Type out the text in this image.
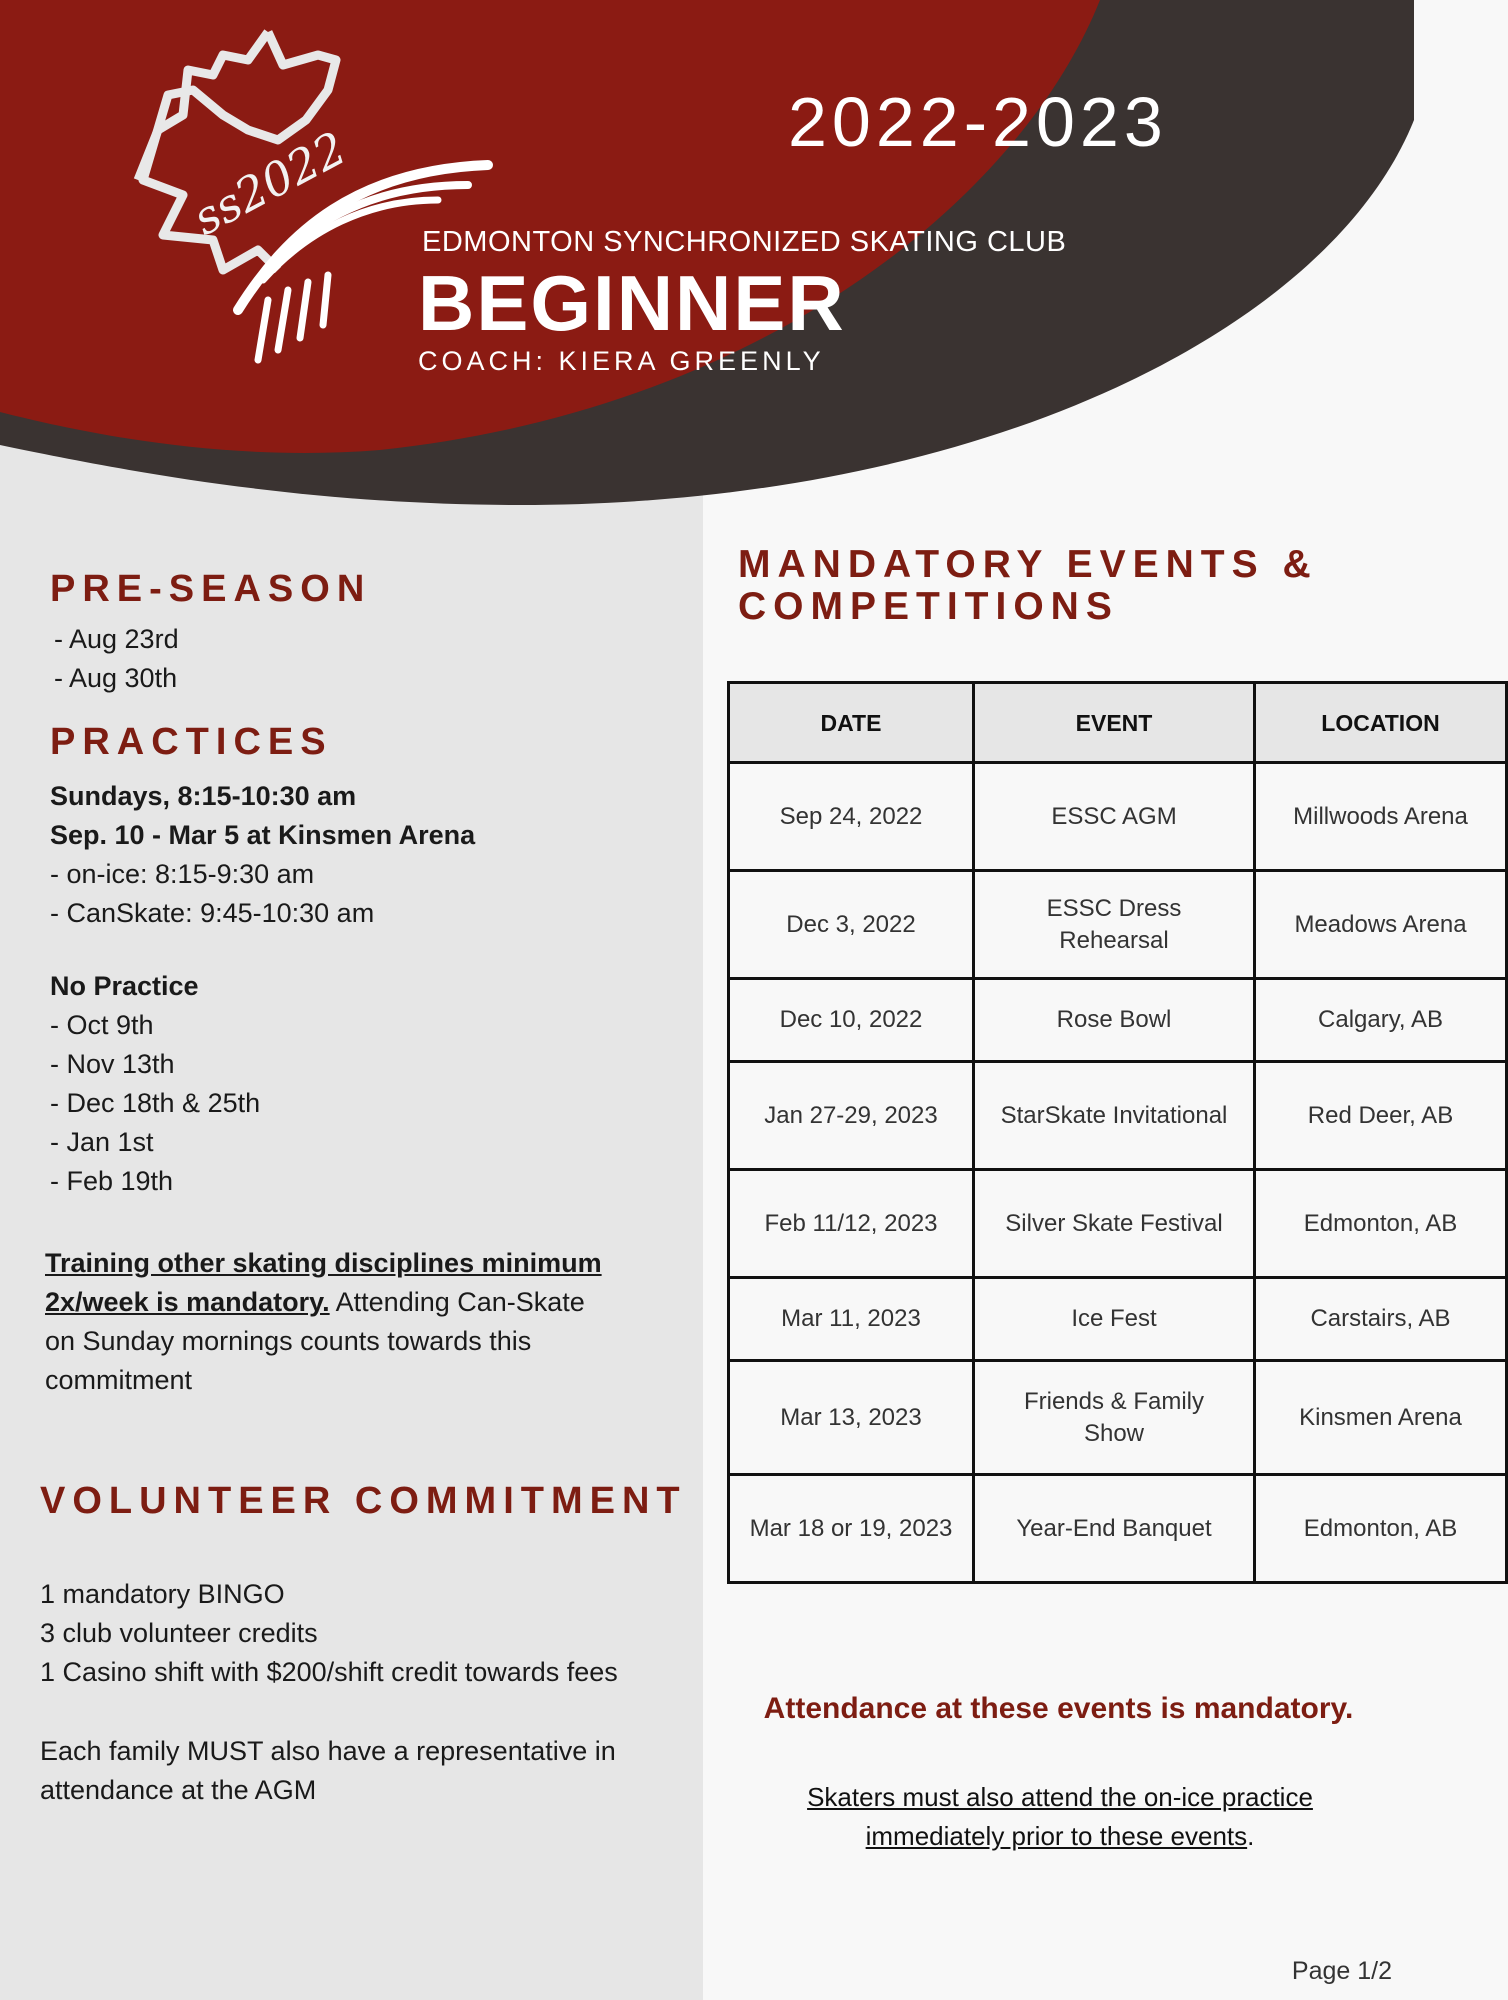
ss2022	2022-2023
EDMONTON SYNCHRONIZED SKATING CLUB
BEGINNER
COACH: KIERA GREENLY
PRE-SEASON
- Aug 23rd
- Aug 30th
PRACTICES
Sundays, 8:15-10:30 am
Sep. 10 - Mar 5 at Kinsmen Arena
- on-ice: 8:15-9:30 am
- CanSkate: 9:45-10:30 am
No Practice
- Oct 9th
- Nov 13th
- Dec 18th & 25th
- Jan 1st
- Feb 19th
Training other skating disciplines minimum
2x/week is mandatory. Attending Can-Skate
on Sunday mornings counts towards this
commitment
VOLUNTEER COMMITMENT
1 mandatory BINGO
3 club volunteer credits
1 Casino shift with $200/shift credit towards fees
Each family MUST also have a representative in
attendance at the AGM
MANDATORY EVENTS &
COMPETITIONS
DATE	EVENT	LOCATION
Sep 24, 2022	ESSC AGM	Millwoods Arena
Dec 3, 2022	ESSC Dress Rehearsal	Meadows Arena
Dec 10, 2022	Rose Bowl	Calgary, AB
Jan 27-29, 2023	StarSkate Invitational	Red Deer, AB
Feb 11/12, 2023	Silver Skate Festival	Edmonton, AB
Mar 11, 2023	Ice Fest	Carstairs, AB
Mar 13, 2023	Friends & Family Show	Kinsmen Arena
Mar 18 or 19, 2023	Year-End Banquet	Edmonton, AB
Attendance at these events is mandatory.
Skaters must also attend the on-ice practice
immediately prior to these events.
Page 1/2
